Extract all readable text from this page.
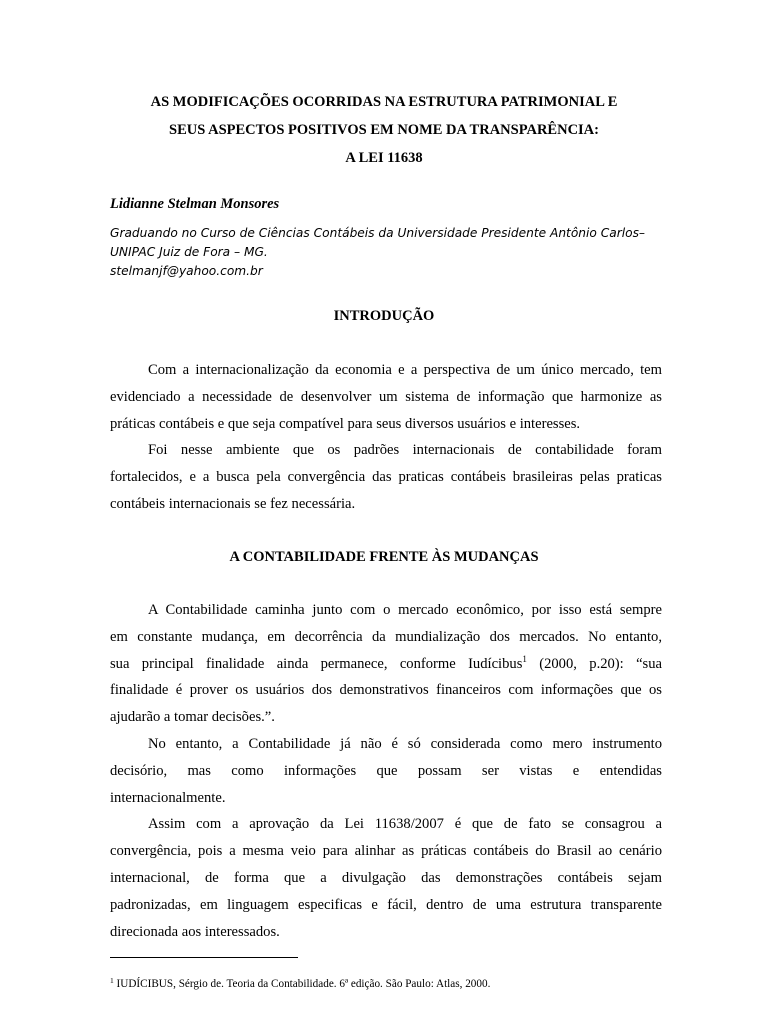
AS MODIFICAÇÕES OCORRIDAS NA ESTRUTURA PATRIMONIAL E
SEUS ASPECTOS POSITIVOS EM NOME DA TRANSPARÊNCIA:
A LEI 11638
Lidianne Stelman Monsores
Graduando no Curso de Ciências Contábeis da Universidade Presidente Antônio Carlos–
UNIPAC Juiz de Fora – MG.
stelmanjf@yahoo.com.br
INTRODUÇÃO
Com a internacionalização da economia e a perspectiva de um único mercado, tem
evidenciado a necessidade de desenvolver um sistema de informação que harmonize as
práticas contábeis e que seja compatível para seus diversos usuários e interesses.
Foi nesse ambiente que os padrões internacionais de contabilidade foram
fortalecidos, e a busca pela convergência das praticas contábeis brasileiras pelas praticas
contábeis internacionais se fez necessária.
A CONTABILIDADE FRENTE ÀS MUDANÇAS
A Contabilidade caminha junto com o mercado econômico, por isso está sempre
em constante mudança, em decorrência da mundialização dos mercados. No entanto,
sua principal finalidade ainda permanece, conforme Iudícibus$^1$ (2000, p.20): “sua
finalidade é prover os usuários dos demonstrativos financeiros com informações que os
ajudarão a tomar decisões.”.
No entanto, a Contabilidade já não é só considerada como mero instrumento
decisório, mas como informações que possam ser vistas e entendidas
internacionalmente.
Assim com a aprovação da Lei 11638/2007 é que de fato se consagrou a
convergência, pois a mesma veio para alinhar as práticas contábeis do Brasil ao cenário
internacional, de forma que a divulgação das demonstrações contábeis sejam
padronizadas, em linguagem especificas e fácil, dentro de uma estrutura transparente
direcionada aos interessados.
$^1$ IUDÍCIBUS, Sérgio de. Teoria da Contabilidade. 6ª edição. São Paulo: Atlas, 2000.
